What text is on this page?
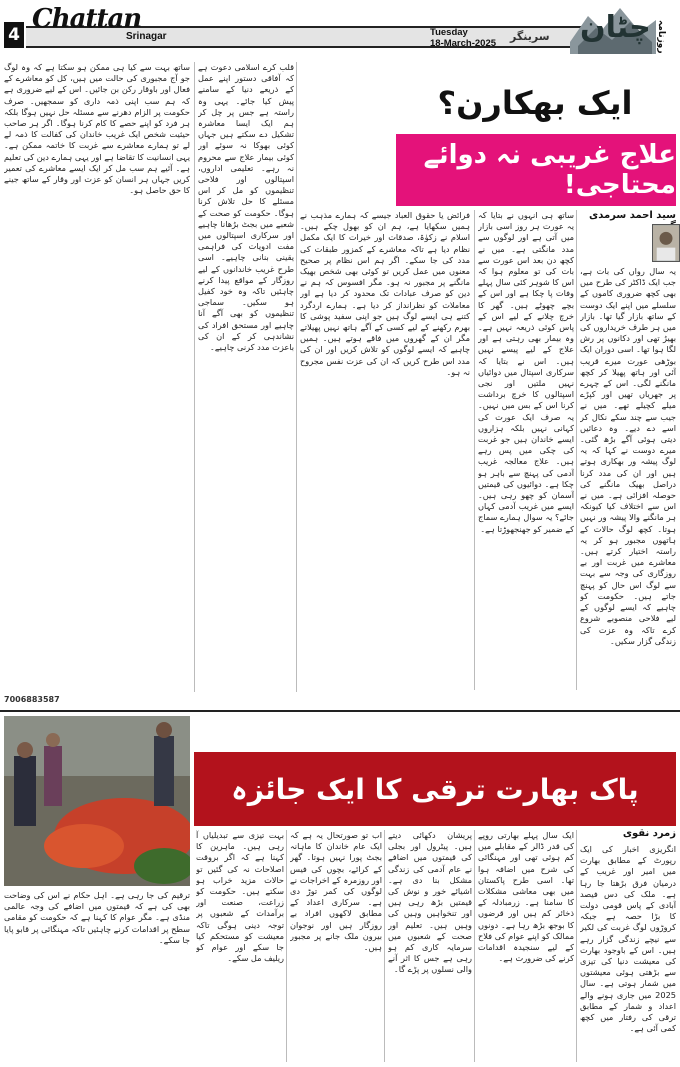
4
Chattan
Srinagar	Tuesday
18-March-2025
سرینگر چٹان روزنامہ
ایک بھکارن؟
علاج غریبی نہ دوائے محتاجی!
سید احمد سرمدی
یہ سال رواں کی بات ہے، جب ایک ڈاکٹر کی طرح میں بھی کچھ ضروری کاموں کے سلسلے میں اپنے ایک دوست کے ساتھ بازار گیا تھا۔ بازار میں ہر طرف خریداروں کی بھیڑ تھی اور دکانوں پر رش لگا ہوا تھا۔ اسی دوران ایک بوڑھی عورت میرے قریب آئی اور ہاتھ پھیلا کر کچھ مانگنے لگی۔ اس کے چہرے پر جھریاں تھیں اور کپڑے میلے کچیلے تھے۔ میں نے جیب سے چند سکے نکال کر اسے دے دیے۔ وہ دعائیں دیتی ہوئی آگے بڑھ گئی۔ میرے دوست نے کہا کہ یہ لوگ پیشہ ور بھکاری ہوتے ہیں اور ان کی مدد کرنا دراصل بھیک مانگنے کی حوصلہ افزائی ہے۔ میں نے اس سے اختلاف کیا کیونکہ ہر مانگنے والا پیشہ ور نہیں ہوتا۔ کچھ لوگ حالات کے ہاتھوں مجبور ہو کر یہ راستہ اختیار کرتے ہیں۔ معاشرے میں غربت اور بے روزگاری کی وجہ سے بہت سے لوگ اس حال کو پہنچ جاتے ہیں۔ حکومت کو چاہیے کہ ایسے لوگوں کے لیے فلاحی منصوبے شروع کرے تاکہ وہ عزت کی زندگی گزار سکیں۔
ساتھ ہی انہوں نے بتایا کہ یہ عورت ہر روز اسی بازار میں آتی ہے اور لوگوں سے مدد مانگتی ہے۔ میں نے کچھ دن بعد اس عورت سے بات کی تو معلوم ہوا کہ اس کا شوہر کئی سال پہلے وفات پا چکا ہے اور اس کے بچے چھوٹے ہیں۔ گھر کا خرچ چلانے کے لیے اس کے پاس کوئی ذریعہ نہیں ہے۔ وہ بیمار بھی رہتی ہے اور علاج کے لیے پیسے نہیں ہیں۔ اس نے بتایا کہ سرکاری اسپتال میں دوائیاں نہیں ملتیں اور نجی اسپتالوں کا خرچ برداشت کرنا اس کے بس میں نہیں۔ یہ صرف ایک عورت کی کہانی نہیں بلکہ ہزاروں ایسے خاندان ہیں جو غربت کی چکی میں پس رہے ہیں۔ علاج معالجہ غریب آدمی کی پہنچ سے باہر ہو چکا ہے۔ دوائیوں کی قیمتیں آسمان کو چھو رہی ہیں۔ ایسے میں غریب آدمی کہاں جائے؟ یہ سوال ہمارے سماج کے ضمیر کو جھنجھوڑتا ہے۔
فرائض یا حقوق العباد جیسے کہ ہمارے مذہب نے ہمیں سکھایا ہے، ہم ان کو بھول چکے ہیں۔ اسلام نے زکوٰۃ، صدقات اور خیرات کا ایک مکمل نظام دیا ہے تاکہ معاشرے کے کمزور طبقات کی مدد کی جا سکے۔ اگر ہم اس نظام پر صحیح معنوں میں عمل کریں تو کوئی بھی شخص بھیک مانگنے پر مجبور نہ ہو۔ مگر افسوس کہ ہم نے دین کو صرف عبادات تک محدود کر دیا ہے اور معاملات کو نظرانداز کر دیا ہے۔ ہمارے اردگرد کتنے ہی ایسے لوگ ہیں جو اپنی سفید پوشی کا بھرم رکھنے کے لیے کسی کے آگے ہاتھ نہیں پھیلاتے مگر ان کے گھروں میں فاقے ہوتے ہیں۔ ہمیں چاہیے کہ ایسے لوگوں کو تلاش کریں اور ان کی مدد اس طرح کریں کہ ان کی عزت نفس مجروح نہ ہو۔
قلب کرے اسلامی دعوت ہے کہ آفاقی دستور اپنے عمل کے ذریعے دنیا کے سامنے پیش کیا جائے۔ یہی وہ راستہ ہے جس پر چل کر ہم ایک ایسا معاشرہ تشکیل دے سکتے ہیں جہاں کوئی بھوکا نہ سوئے اور کوئی بیمار علاج سے محروم نہ رہے۔ تعلیمی اداروں، اسپتالوں اور فلاحی تنظیموں کو مل کر اس مسئلے کا حل تلاش کرنا ہوگا۔ حکومت کو صحت کے شعبے میں بجٹ بڑھانا چاہیے اور سرکاری اسپتالوں میں مفت ادویات کی فراہمی یقینی بنانی چاہیے۔ اسی طرح غریب خاندانوں کے لیے روزگار کے مواقع پیدا کرنے چاہئیں تاکہ وہ خود کفیل ہو سکیں۔ سماجی تنظیموں کو بھی آگے آنا چاہیے اور مستحق افراد کی نشاندہی کر کے ان کی باعزت مدد کرنی چاہیے۔
ساتھ بہت سے کیا ہی ممکن ہو سکتا ہے کہ وہ لوگ جو آج مجبوری کی حالت میں ہیں، کل کو معاشرے کے فعال اور باوقار رکن بن جائیں۔ اس کے لیے ضروری ہے کہ ہم سب اپنی ذمہ داری کو سمجھیں۔ صرف حکومت پر الزام دھرنے سے مسئلہ حل نہیں ہوگا بلکہ ہر فرد کو اپنے حصے کا کام کرنا ہوگا۔ اگر ہر صاحب حیثیت شخص ایک غریب خاندان کی کفالت کا ذمہ لے لے تو ہمارے معاشرے سے غربت کا خاتمہ ممکن ہے۔ یہی انسانیت کا تقاضا ہے اور یہی ہمارے دین کی تعلیم ہے۔ آئیے ہم سب مل کر ایک ایسے معاشرے کی تعمیر کریں جہاں ہر انسان کو عزت اور وقار کے ساتھ جینے کا حق حاصل ہو۔
7006883587
ترقیم کی جا رہی ہے۔ اہل حکام نے اس کی وضاحت بھی کی ہے کہ قیمتوں میں اضافے کی وجہ عالمی منڈی ہے۔ مگر عوام کا کہنا ہے کہ حکومت کو مقامی سطح پر اقدامات کرنے چاہئیں تاکہ مہنگائی پر قابو پایا جا سکے۔
پاک بھارت ترقی کا ایک جائزہ
زمرد نقوی
انگریزی اخبار کی ایک رپورٹ کے مطابق بھارت میں امیر اور غریب کے درمیان فرق بڑھتا جا رہا ہے۔ ملک کی دس فیصد آبادی کے پاس قومی دولت کا بڑا حصہ ہے جبکہ کروڑوں لوگ غربت کی لکیر سے نیچے زندگی گزار رہے ہیں۔ اس کے باوجود بھارت کی معیشت دنیا کی تیزی سے بڑھتی ہوئی معیشتوں میں شمار ہوتی ہے۔ سال 2025 میں جاری ہونے والے اعداد و شمار کے مطابق ترقی کی رفتار میں کچھ کمی آئی ہے۔
ایک سال پہلے بھارتی روپے کی قدر ڈالر کے مقابلے میں کم ہوئی تھی اور مہنگائی کی شرح میں اضافہ ہوا تھا۔ اسی طرح پاکستان میں بھی معاشی مشکلات کا سامنا ہے۔ زرمبادلہ کے ذخائر کم ہیں اور قرضوں کا بوجھ بڑھ رہا ہے۔ دونوں ممالک کو اپنے عوام کی فلاح کے لیے سنجیدہ اقدامات کرنے کی ضرورت ہے۔
پریشان دکھائی دیتے ہیں۔ پیٹرول اور بجلی کی قیمتوں میں اضافے نے عام آدمی کی زندگی مشکل بنا دی ہے۔ اشیائے خور و نوش کی قیمتیں بڑھ رہی ہیں اور تنخواہیں وہیں کی وہیں ہیں۔ تعلیم اور صحت کے شعبوں میں سرمایہ کاری کم ہو رہی ہے جس کا اثر آنے والی نسلوں پر پڑے گا۔
اب تو صورتحال یہ ہے کہ ایک عام خاندان کا ماہانہ بجٹ پورا نہیں ہوتا۔ گھر کے کرائے، بچوں کی فیس اور روزمرہ کے اخراجات نے لوگوں کی کمر توڑ دی ہے۔ سرکاری اعداد کے مطابق لاکھوں افراد بے روزگار ہیں اور نوجوان بیرون ملک جانے پر مجبور ہیں۔
بہت تیزی سے تبدیلیاں آ رہی ہیں۔ ماہرین کا کہنا ہے کہ اگر بروقت اصلاحات نہ کی گئیں تو حالات مزید خراب ہو سکتے ہیں۔ حکومت کو زراعت، صنعت اور برآمدات کے شعبوں پر توجہ دینی ہوگی تاکہ معیشت کو مستحکم کیا جا سکے اور عوام کو ریلیف مل سکے۔
